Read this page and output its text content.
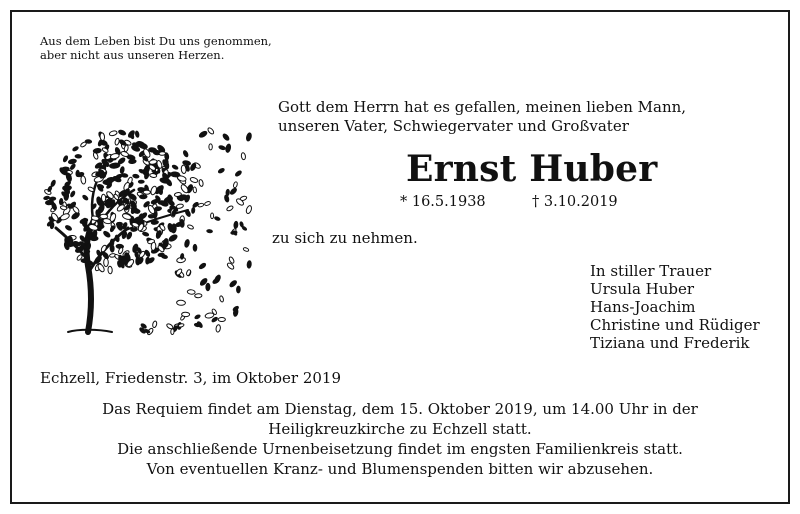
Aus dem Leben bist Du uns genommen,
aber nicht aus unseren Herzen.
Gott dem Herrn hat es gefallen, meinen lieben Mann,
unseren Vater, Schwiegervater und Großvater
Ernst Huber
* 16.5.1938	† 3.10.2019
zu sich zu nehmen.
In stiller Trauer
Ursula Huber
Hans-Joachim
Christine und Rüdiger
Tiziana und Frederik
Echzell, Friedenstr. 3, im Oktober 2019
Das Requiem findet am Dienstag, dem 15. Oktober 2019, um 14.00 Uhr in der
Heiligkreuzkirche zu Echzell statt.
Die anschließende Urnenbeisetzung findet im engsten Familienkreis statt.
Von eventuellen Kranz- und Blumenspenden bitten wir abzusehen.
